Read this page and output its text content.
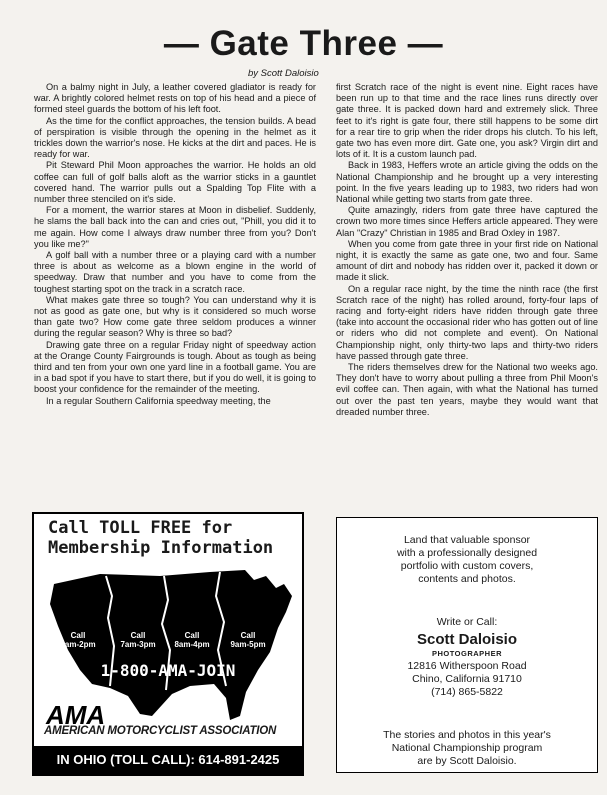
— Gate Three —
by Scott Daloisio

On a balmy night in July, a leather covered gladiator is ready for war. A brightly colored helmet rests on top of his head and a piece of formed steel guards the bottom of his left foot.

As the time for the conflict approaches, the tension builds. A bead of perspiration is visible through the opening in the helmet as it trickles down the warrior's nose. He kicks at the dirt and paces. He is ready for war.

Pit Steward Phil Moon approaches the warrior. He holds an old coffee can full of golf balls aloft as the warrior sticks in a gauntlet covered hand. The warrior pulls out a Spalding Top Flite with a number three stenciled on it's side.

For a moment, the warrior stares at Moon in disbelief. Suddenly, he slams the ball back into the can and cries out, "Phill, you did it to me again. How come I always draw number three from you? Don't you like me?"

A golf ball with a number three or a playing card with a number three is about as welcome as a blown engine in the world of speedway. Draw that number and you have to come from the toughest starting spot on the track in a scratch race.

What makes gate three so tough? You can understand why it is not as good as gate one, but why is it considered so much worse than gate two? How come gate three seldom produces a winner during the regular season? Why is three so bad?

Drawing gate three on a regular Friday night of speedway action at the Orange County Fairgrounds is tough. About as tough as being third and ten from your own one yard line in a football game. You are in a bad spot if you have to start there, but if you do well, it is going to boost your confidence for the remainder of the meeting.

In a regular Southern California speedway meeting, the

first Scratch race of the night is event nine. Eight races have been run up to that time and the race lines runs directly over gate three. It is packed down hard and extremely slick. Three feet to it's right is gate four, there still happens to be some dirt for a rear tire to grip when the rider drops his clutch. To his left, gate two has even more dirt. Gate one, you ask? Virgin dirt and lots of it. It is a custom launch pad.

Back in 1983, Heffers wrote an article giving the odds on the National Championship and he brought up a very interesting point. In the five years leading up to 1983, two riders had won National while getting two starts from gate three.

Quite amazingly, riders from gate three have captured the crown two more times since Heffers article appeared. They were Alan "Crazy" Christian in 1985 and Brad Oxley in 1987.

When you come from gate three in your first ride on National night, it is exactly the same as gate one, two and four. Same amount of dirt and nobody has ridden over it, packed it down or made it slick.

On a regular race night, by the time the ninth race (the first Scratch race of the night) has rolled around, forty-four laps of racing and forty-eight riders have ridden through gate three (take into account the occasional rider who has gotten out of line or riders who did not complete and event). On National Championship night, only thirty-two laps and thirty-two riders have passed through gate three.

The riders themselves drew for the National two weeks ago. They don't have to worry about pulling a three from Phil Moon's evil coffee can. Then again, with what the National has turned out over the past ten years, maybe they would want that dreaded number three.

Call TOLL FREE for
Membership Information
Call
6am-2pm
Call
7am-3pm
Call
8am-4pm
Call
9am-5pm
1-800-AMA-JOIN
AMA
AMERICAN MOTORCYCLIST ASSOCIATION
IN OHIO (TOLL CALL): 614-891-2425
Land that valuable sponsor
with a professionally designed
portfolio with custom covers,
contents and photos.
Write or Call:
Scott Daloisio
PHOTOGRAPHER
12816 Witherspoon Road
Chino, California 91710
(714) 865-5822
The stories and photos in this year's
National Championship program
are by Scott Daloisio.
